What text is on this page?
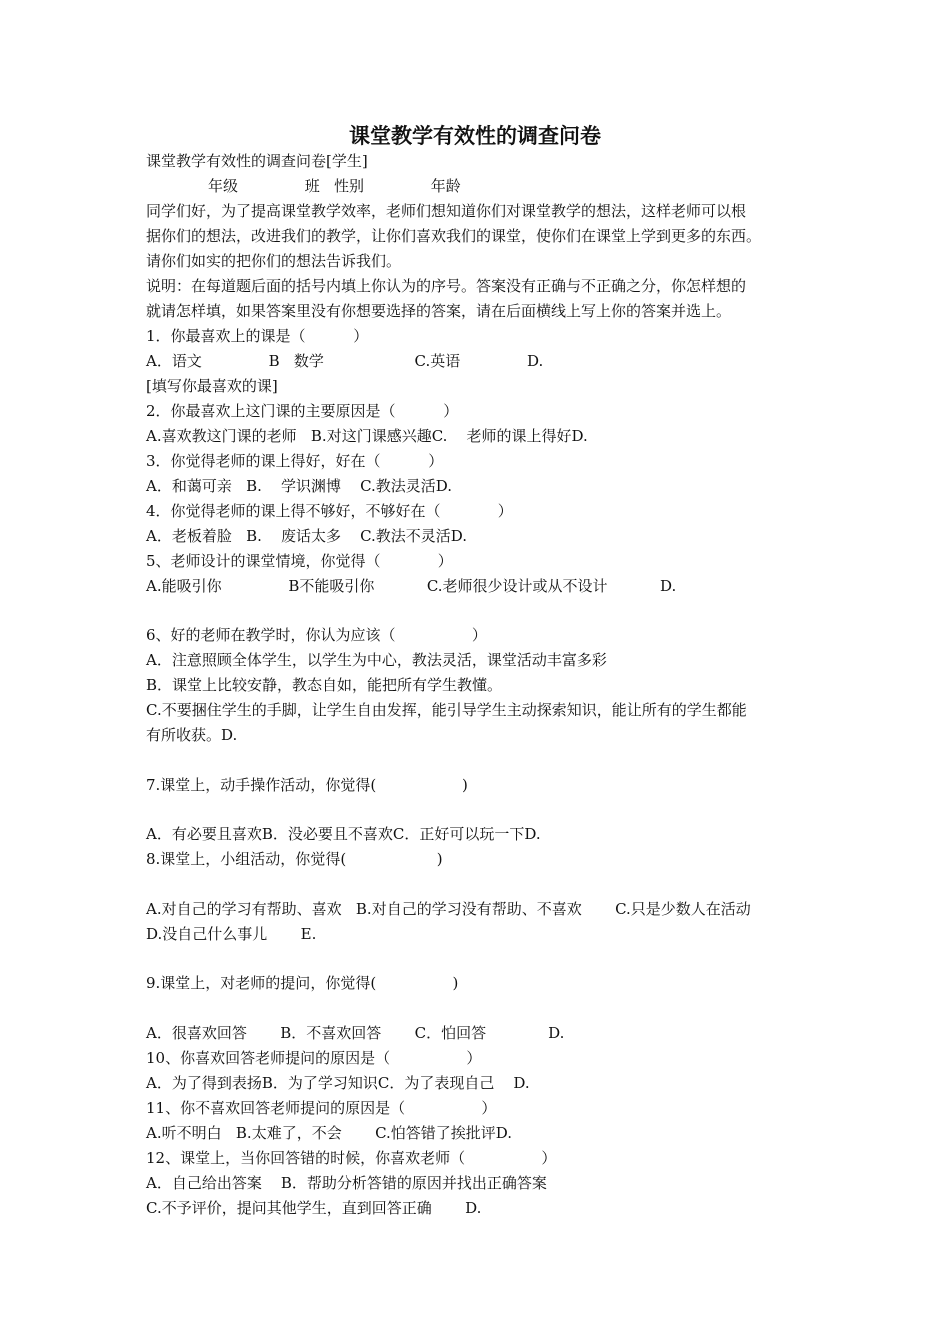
课堂教学有效性的调查问卷
课堂教学有效性的调查问卷[学生]
年级              班   性别              年龄
同学们好，为了提高课堂教学效率，老师们想知道你们对课堂教学的想法，这样老师可以根
据你们的想法，改进我们的教学，让你们喜欢我们的课堂，使你们在课堂上学到更多的东西。
请你们如实的把你们的想法告诉我们。
说明：在每道题后面的括号内填上你认为的序号。答案没有正确与不正确之分，你怎样想的
就请怎样填，如果答案里没有你想要选择的答案，请在后面横线上写上你的答案并选上。
1．你最喜欢上的课是（          ）
A．语文              B   数学                   C.英语              D.
[填写你最喜欢的课]
2．你最喜欢上这门课的主要原因是（          ）
A.喜欢教这门课的老师   B.对这门课感兴趣C.    老师的课上得好D.
3．你觉得老师的课上得好，好在（          ）
A．和蔼可亲   B.    学识渊博    C.教法灵活D.
4．你觉得老师的课上得不够好，不够好在（            ）
A．老板着脸   B.    废话太多    C.教法不灵活D.
5、老师设计的课堂情境，你觉得（            ）
A.能吸引你              B不能吸引你           C.老师很少设计或从不设计           D.
6、好的老师在教学时，你认为应该（                ）
A．注意照顾全体学生，以学生为中心，教法灵活，课堂活动丰富多彩
B．课堂上比较安静，教态自如，能把所有学生教懂。
C.不要捆住学生的手脚，让学生自由发挥，能引导学生主动探索知识，能让所有的学生都能
有所收获。D.
7.课堂上，动手操作活动，你觉得(                  )
A．有必要且喜欢B．没必要且不喜欢C．正好可以玩一下D.
8.课堂上，小组活动，你觉得(                   )
A.对自己的学习有帮助、喜欢   B.对自己的学习没有帮助、不喜欢       C.只是少数人在活动
D.没自己什么事儿       E.
9.课堂上，对老师的提问，你觉得(                )
A．很喜欢回答       B．不喜欢回答       C．怕回答             D.
10、你喜欢回答老师提问的原因是（                ）
A．为了得到表扬B．为了学习知识C．为了表现自己    D.
11、你不喜欢回答老师提问的原因是（                ）
A.听不明白   B.太难了，不会       C.怕答错了挨批评D.
12、课堂上，当你回答错的时候，你喜欢老师（                ）
A．自己给出答案    B．帮助分析答错的原因并找出正确答案
C.不予评价，提问其他学生，直到回答正确       D.
